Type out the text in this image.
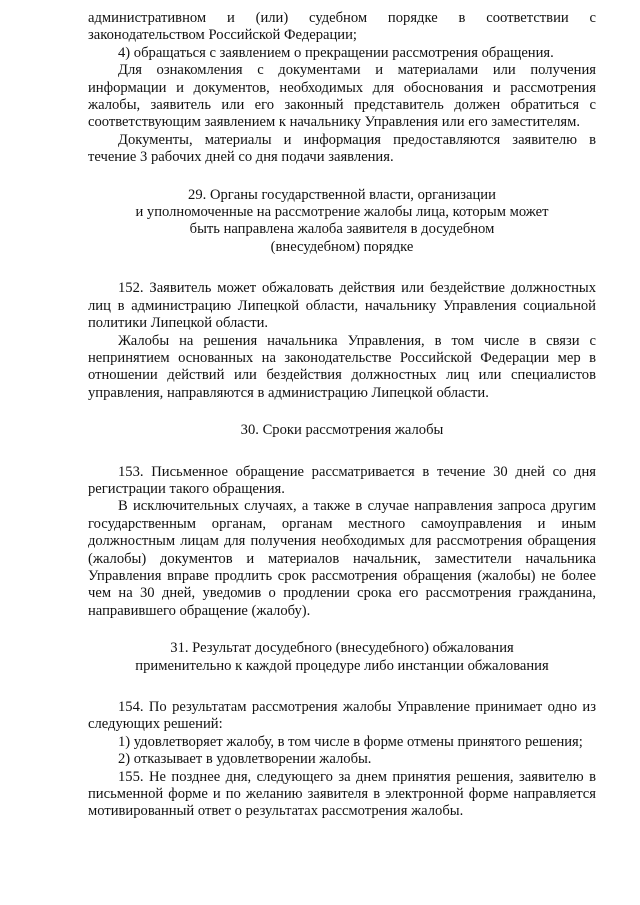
административном и (или) судебном порядке в соответствии с законодательством Российской Федерации;

4) обращаться с заявлением о прекращении рассмотрения обращения.

Для ознакомления с документами и материалами или получения информации и документов, необходимых для обоснования и рассмотрения жалобы, заявитель или его законный представитель должен обратиться с соответствующим заявлением к начальнику Управления или его заместителям.

Документы, материалы и информация предоставляются заявителю в течение 3 рабочих дней со дня подачи заявления.

29. Органы государственной власти, организации

и уполномоченные на рассмотрение жалобы лица, которым может

быть направлена жалоба заявителя в досудебном

(внесудебном) порядке

152. Заявитель может обжаловать действия или бездействие должностных лиц в администрацию Липецкой области, начальнику Управления социальной политики Липецкой области.

Жалобы на решения начальника Управления, в том числе в связи с непринятием основанных на законодательстве Российской Федерации мер в отношении действий или бездействия должностных лиц или специалистов управления, направляются в администрацию Липецкой области.

30. Сроки рассмотрения жалобы

153. Письменное обращение рассматривается в течение 30 дней со дня регистрации такого обращения.

В исключительных случаях, а также в случае направления запроса другим государственным органам, органам местного самоуправления и иным должностным лицам для получения необходимых для рассмотрения обращения (жалобы) документов и материалов начальник, заместители начальника Управления вправе продлить срок рассмотрения обращения (жалобы) не более чем на 30 дней, уведомив о продлении срока его рассмотрения гражданина, направившего обращение (жалобу).

31. Результат досудебного (внесудебного) обжалования

применительно к каждой процедуре либо инстанции обжалования

154. По результатам рассмотрения жалобы Управление принимает одно из следующих решений:

1) удовлетворяет жалобу, в том числе в форме отмены принятого решения;

2) отказывает в удовлетворении жалобы.

155. Не позднее дня, следующего за днем принятия решения, заявителю в письменной форме и по желанию заявителя в электронной форме направляется мотивированный ответ о результатах рассмотрения жалобы.
